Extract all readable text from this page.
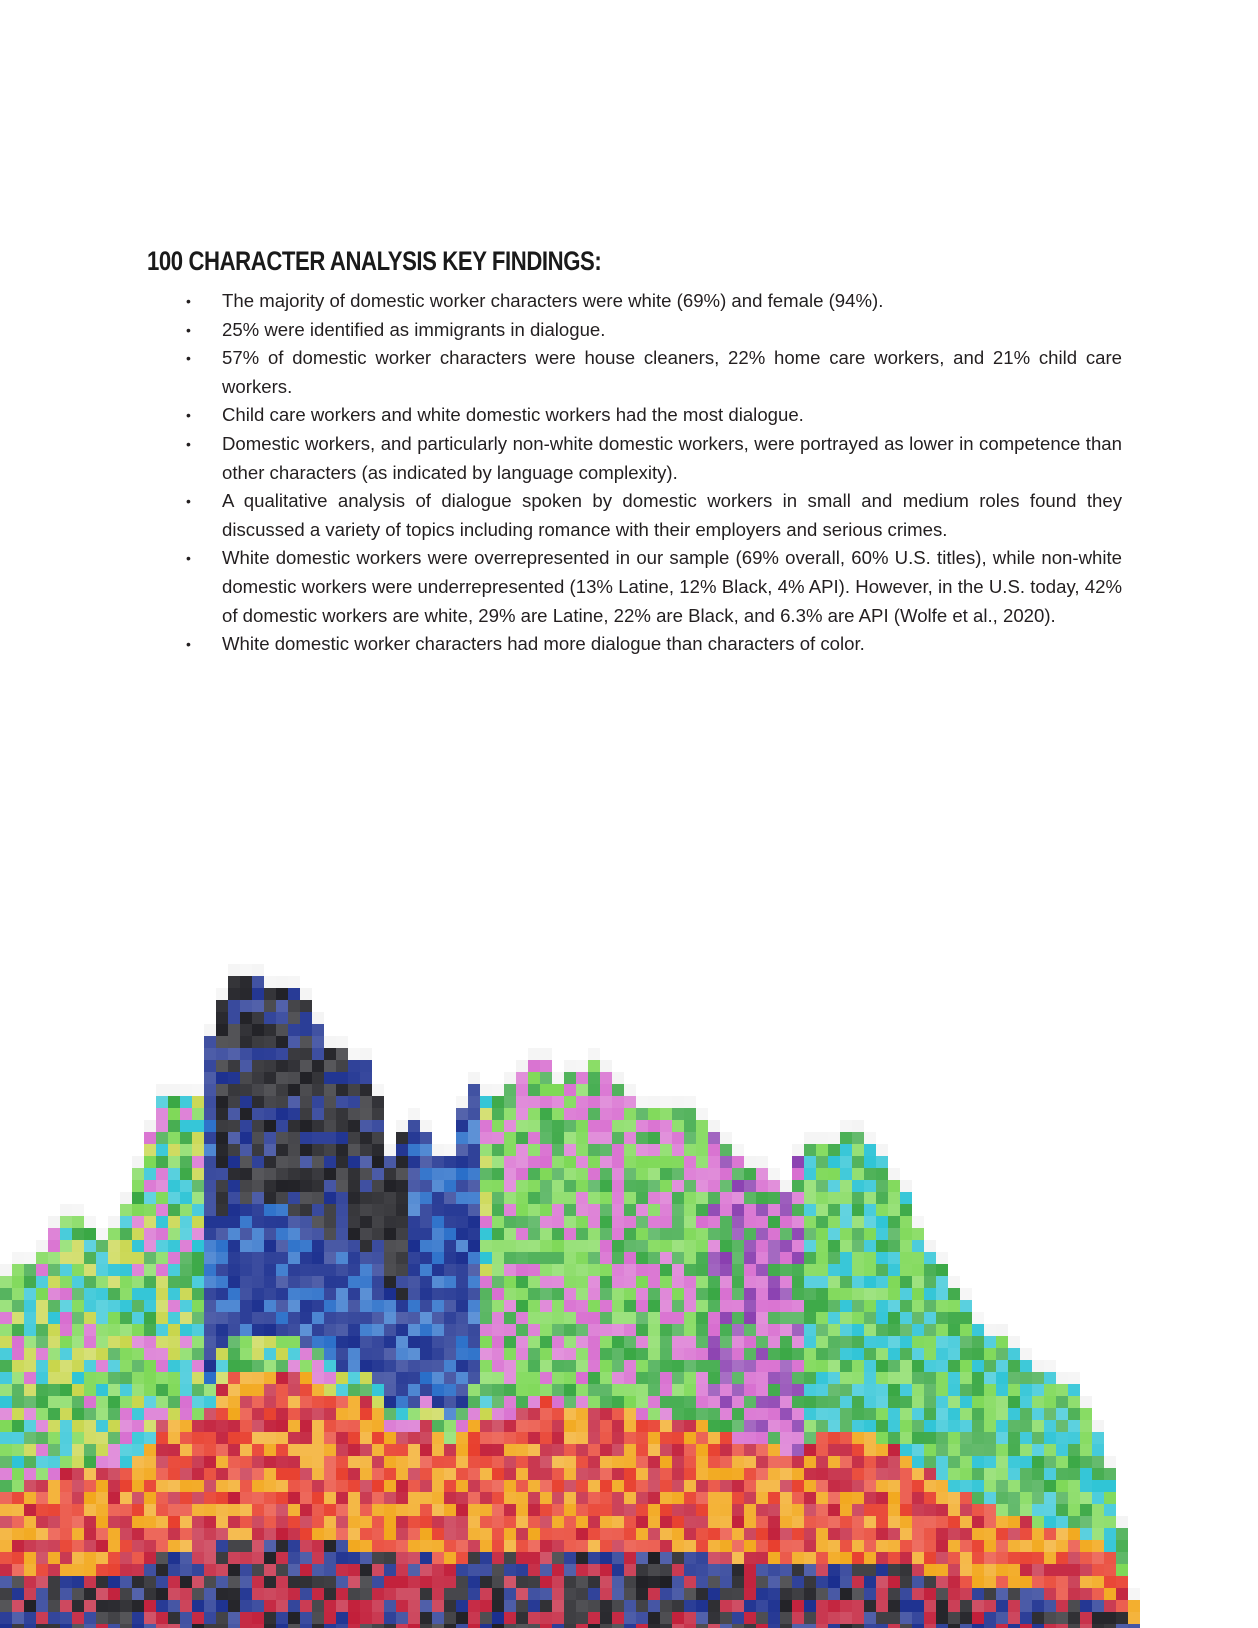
100 CHARACTER ANALYSIS KEY FINDINGS:
• The majority of domestic worker characters were white (69%) and female (94%).
• 25% were identified as immigrants in dialogue.
• 57% of domestic worker characters were house cleaners, 22% home care workers, and 21% child care workers.
• Child care workers and white domestic workers had the most dialogue.
• Domestic workers, and particularly non-white domestic workers, were portrayed as lower in competence than other characters (as indicated by language complexity).
• A qualitative analysis of dialogue spoken by domestic workers in small and medium roles found they discussed a variety of topics including romance with their employers and serious crimes.
• White domestic workers were overrepresented in our sample (69% overall, 60% U.S. titles), while non-white domestic workers were underrepresented (13% Latine, 12% Black, 4% API). However, in the U.S. today, 42% of domestic workers are white, 29% are Latine, 22% are Black, and 6.3% are API (Wolfe et al., 2020).
• White domestic worker characters had more dialogue than characters of color.
